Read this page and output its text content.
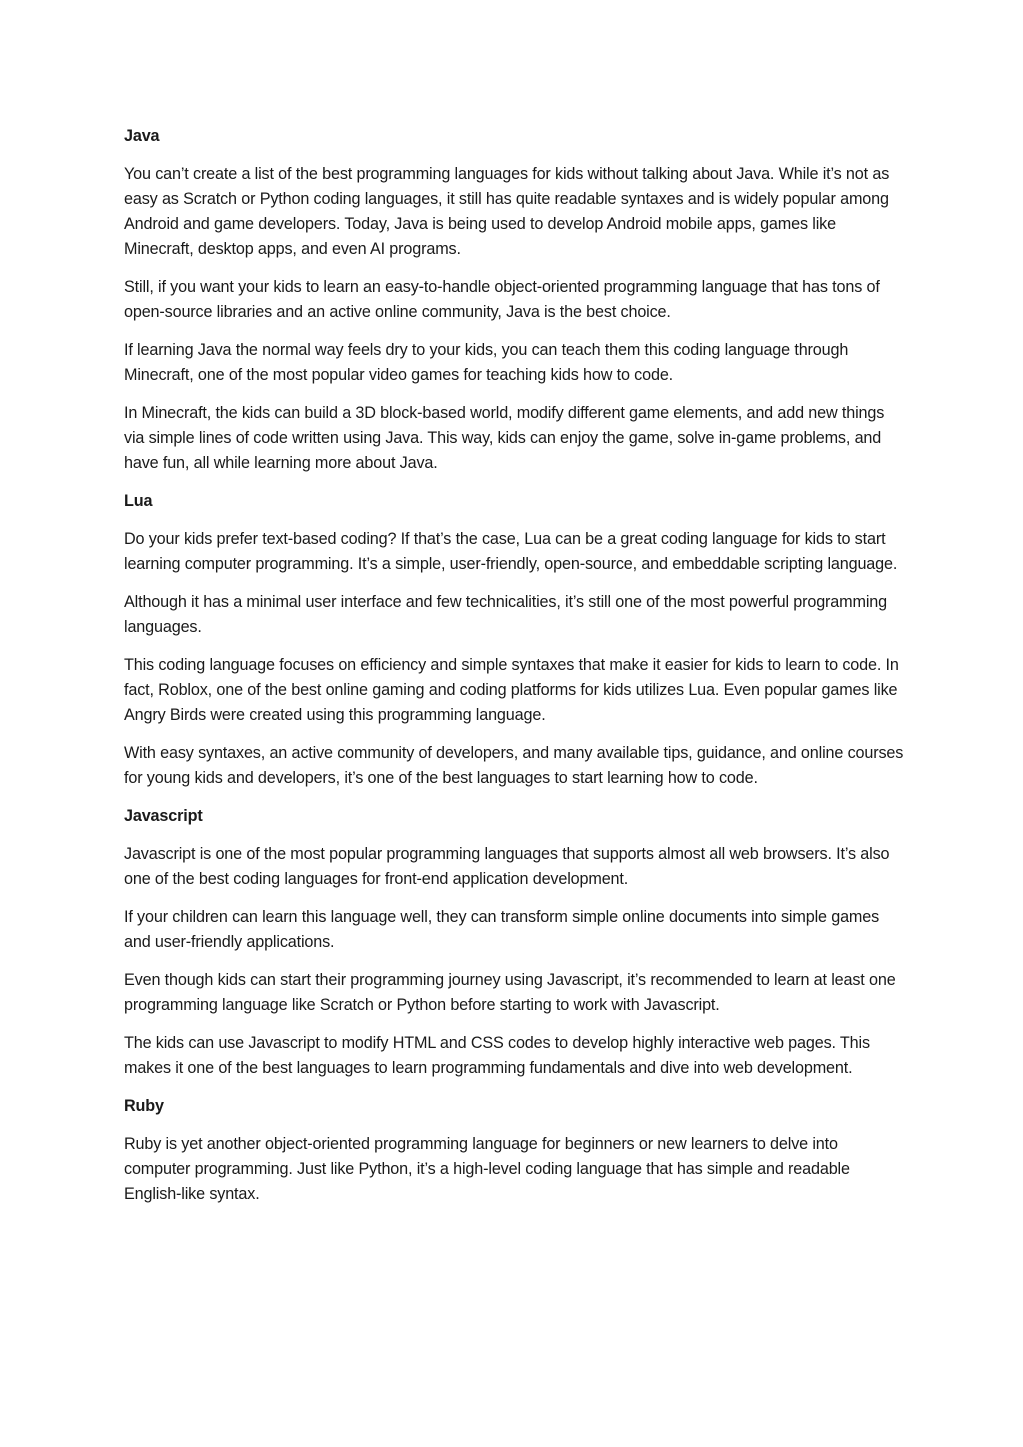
Java

You can’t create a list of the best programming languages for kids without talking about Java. While it’s not as easy as Scratch or Python coding languages, it still has quite readable syntaxes and is widely popular among Android and game developers. Today, Java is being used to develop Android mobile apps, games like Minecraft, desktop apps, and even AI programs.

Still, if you want your kids to learn an easy-to-handle object-oriented programming language that has tons of open-source libraries and an active online community, Java is the best choice.

If learning Java the normal way feels dry to your kids, you can teach them this coding language through Minecraft, one of the most popular video games for teaching kids how to code.

In Minecraft, the kids can build a 3D block-based world, modify different game elements, and add new things via simple lines of code written using Java. This way, kids can enjoy the game, solve in-game problems, and have fun, all while learning more about Java.

Lua

Do your kids prefer text-based coding? If that’s the case, Lua can be a great coding language for kids to start learning computer programming. It’s a simple, user-friendly, open-source, and embeddable scripting language.

Although it has a minimal user interface and few technicalities, it’s still one of the most powerful programming languages.

This coding language focuses on efficiency and simple syntaxes that make it easier for kids to learn to code. In fact, Roblox, one of the best online gaming and coding platforms for kids utilizes Lua. Even popular games like Angry Birds were created using this programming language.

With easy syntaxes, an active community of developers, and many available tips, guidance, and online courses for young kids and developers, it’s one of the best languages to start learning how to code.

Javascript

Javascript is one of the most popular programming languages that supports almost all web browsers. It’s also one of the best coding languages for front-end application development.

If your children can learn this language well, they can transform simple online documents into simple games and user-friendly applications.

Even though kids can start their programming journey using Javascript, it’s recommended to learn at least one programming language like Scratch or Python before starting to work with Javascript.

The kids can use Javascript to modify HTML and CSS codes to develop highly interactive web pages. This makes it one of the best languages to learn programming fundamentals and dive into web development.

Ruby

Ruby is yet another object-oriented programming language for beginners or new learners to delve into computer programming. Just like Python, it’s a high-level coding language that has simple and readable English-like syntax.
